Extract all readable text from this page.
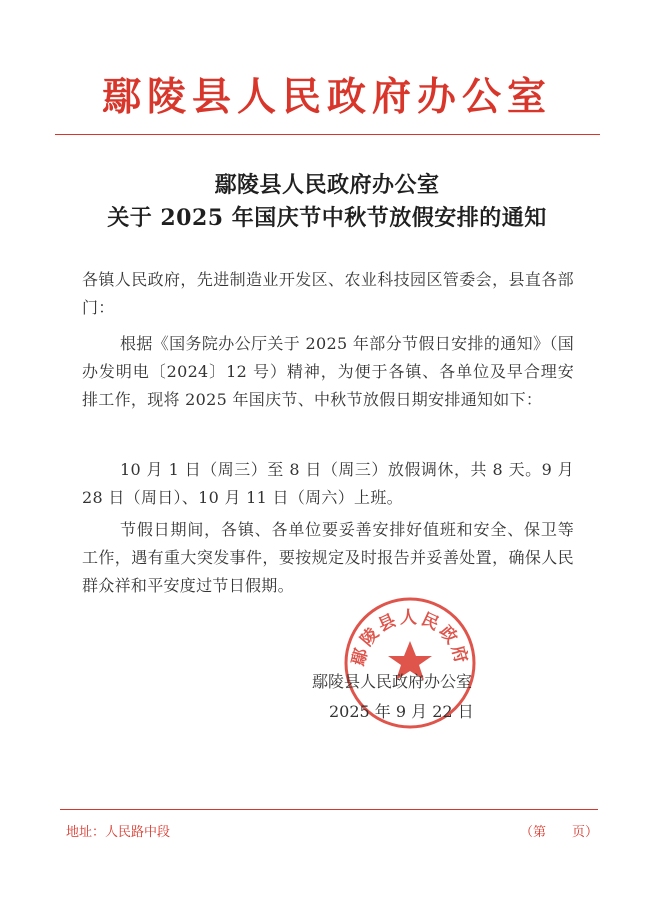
鄢陵县人民政府办公室
鄢陵县人民政府办公室
关于 2025 年国庆节中秋节放假安排的通知
各镇人民政府，先进制造业开发区、农业科技园区管委会，县直各部门：
根据《国务院办公厅关于 2025 年部分节假日安排的通知》（国办发明电〔2024〕12 号）精神，为便于各镇、各单位及早合理安排工作，现将 2025 年国庆节、中秋节放假日期安排通知如下：
10 月 1 日（周三）至 8 日（周三）放假调休，共 8 天。9 月 28 日（周日）、10 月 11 日（周六）上班。
节假日期间，各镇、各单位要妥善安排好值班和安全、保卫等工作，遇有重大突发事件，要按规定及时报告并妥善处置，确保人民群众祥和平安度过节日假期。
鄢陵县人民政府
鄢陵县人民政府办公室
2025 年 9 月 22 日
地址：人民路中段	（第　　页）
